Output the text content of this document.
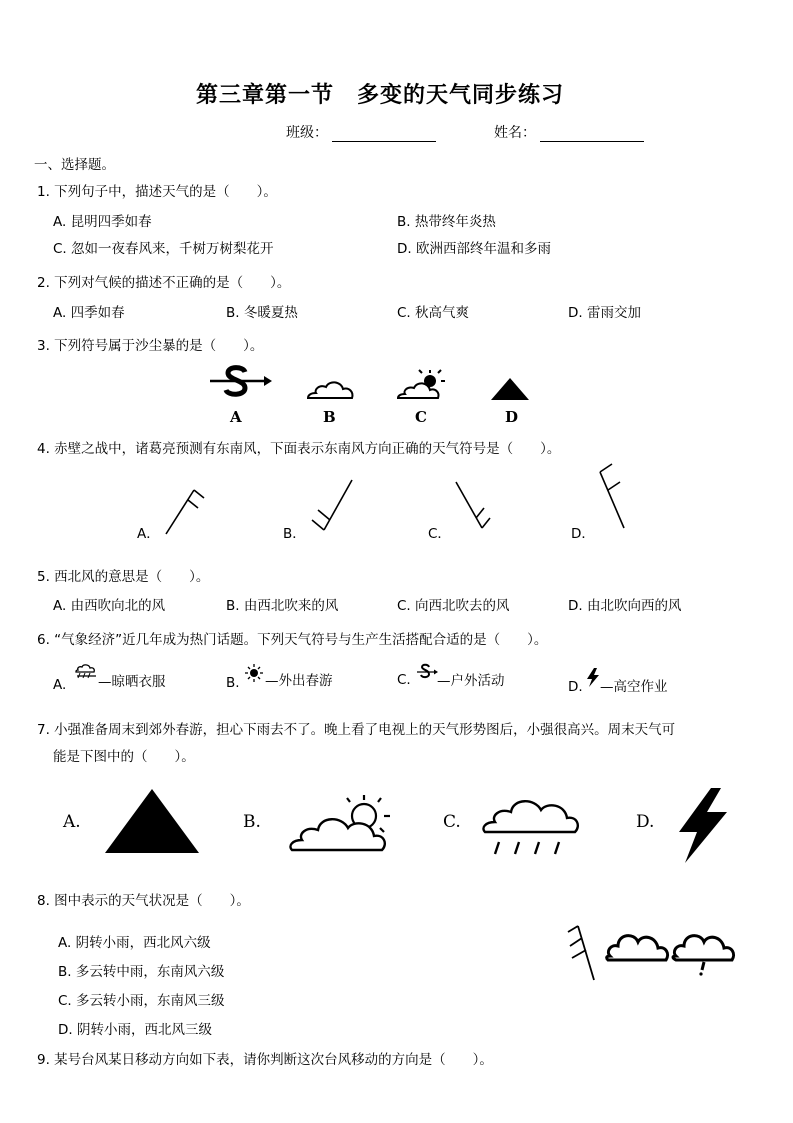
第三章第一节　多变的天气同步练习
班级：	姓名：
一、选择题。
1. 下列句子中，描述天气的是（　　）。
A. 昆明四季如春	B. 热带终年炎热
C. 忽如一夜春风来，千树万树梨花开	D. 欧洲西部终年温和多雨
2. 下列对气候的描述不正确的是（　　）。
A. 四季如春	B. 冬暖夏热	C. 秋高气爽	D. 雷雨交加
3. 下列符号属于沙尘暴的是（　　）。
A	B	C	D
4. 赤壁之战中，诸葛亮预测有东南风，下面表示东南风方向正确的天气符号是（　　）。
A．	B．	C．	D．
5. 西北风的意思是（　　）。
A. 由西吹向北的风	B. 由西北吹来的风	C. 向西北吹去的风	D. 由北吹向西的风
6. “气象经济”近几年成为热门话题。下列天气符号与生产生活搭配合适的是（　　）。
A. —晾晒衣服	B. —外出春游	C. —户外活动	D. —高空作业
7. 小强准备周末到郊外春游，担心下雨去不了。晚上看了电视上的天气形势图后，小强很高兴。周末天气可
能是下图中的（　　）。
A.	B.	C.	D.
8. 图中表示的天气状况是（　　）。
A. 阴转小雨，西北风六级
B. 多云转中雨，东南风六级
C. 多云转小雨，东南风三级
D. 阴转小雨，西北风三级
9. 某号台风某日移动方向如下表，请你判断这次台风移动的方向是（　　）。
